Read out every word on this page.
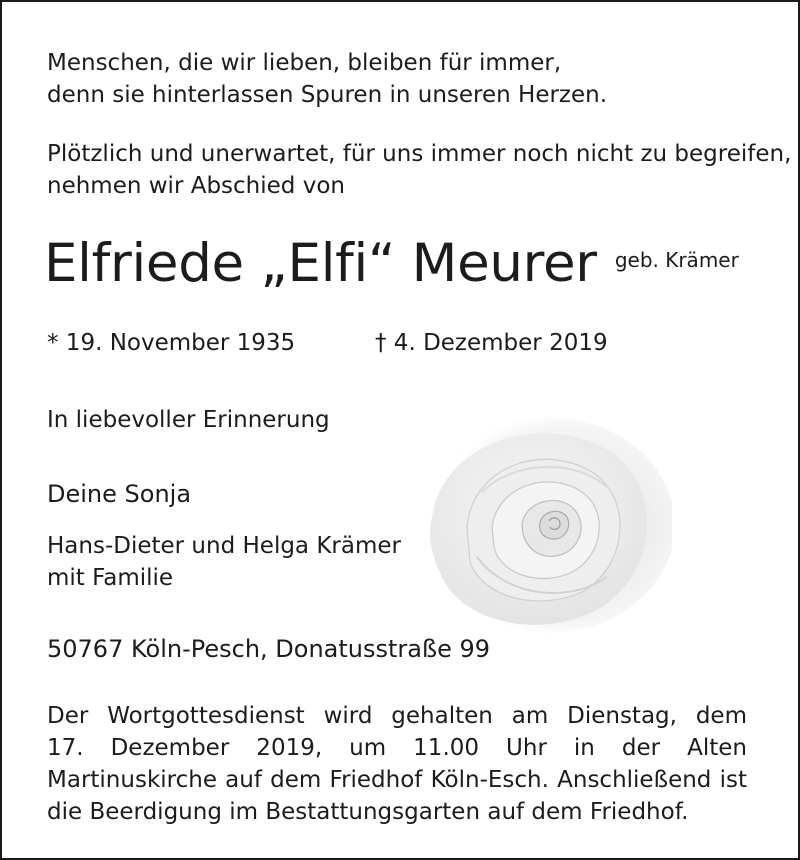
Menschen, die wir lieben, bleiben für immer,
denn sie hinterlassen Spuren in unseren Herzen.

Plötzlich und unerwartet, für uns immer noch nicht zu begreifen,
nehmen wir Abschied von

Elfriede „Elfi“ Meurer geb. Krämer

* 19. November 1935	† 4. Dezember 2019

In liebevoller Erinnerung

Deine Sonja

Hans-Dieter und Helga Krämer
mit Familie

50767 Köln-Pesch, Donatusstraße 99

Der Wortgottesdienst wird gehalten am Dienstag, dem
17. Dezember 2019, um 11.00 Uhr in der Alten
Martinuskirche auf dem Friedhof Köln-Esch. Anschließend ist
die Beerdigung im Bestattungsgarten auf dem Friedhof.
